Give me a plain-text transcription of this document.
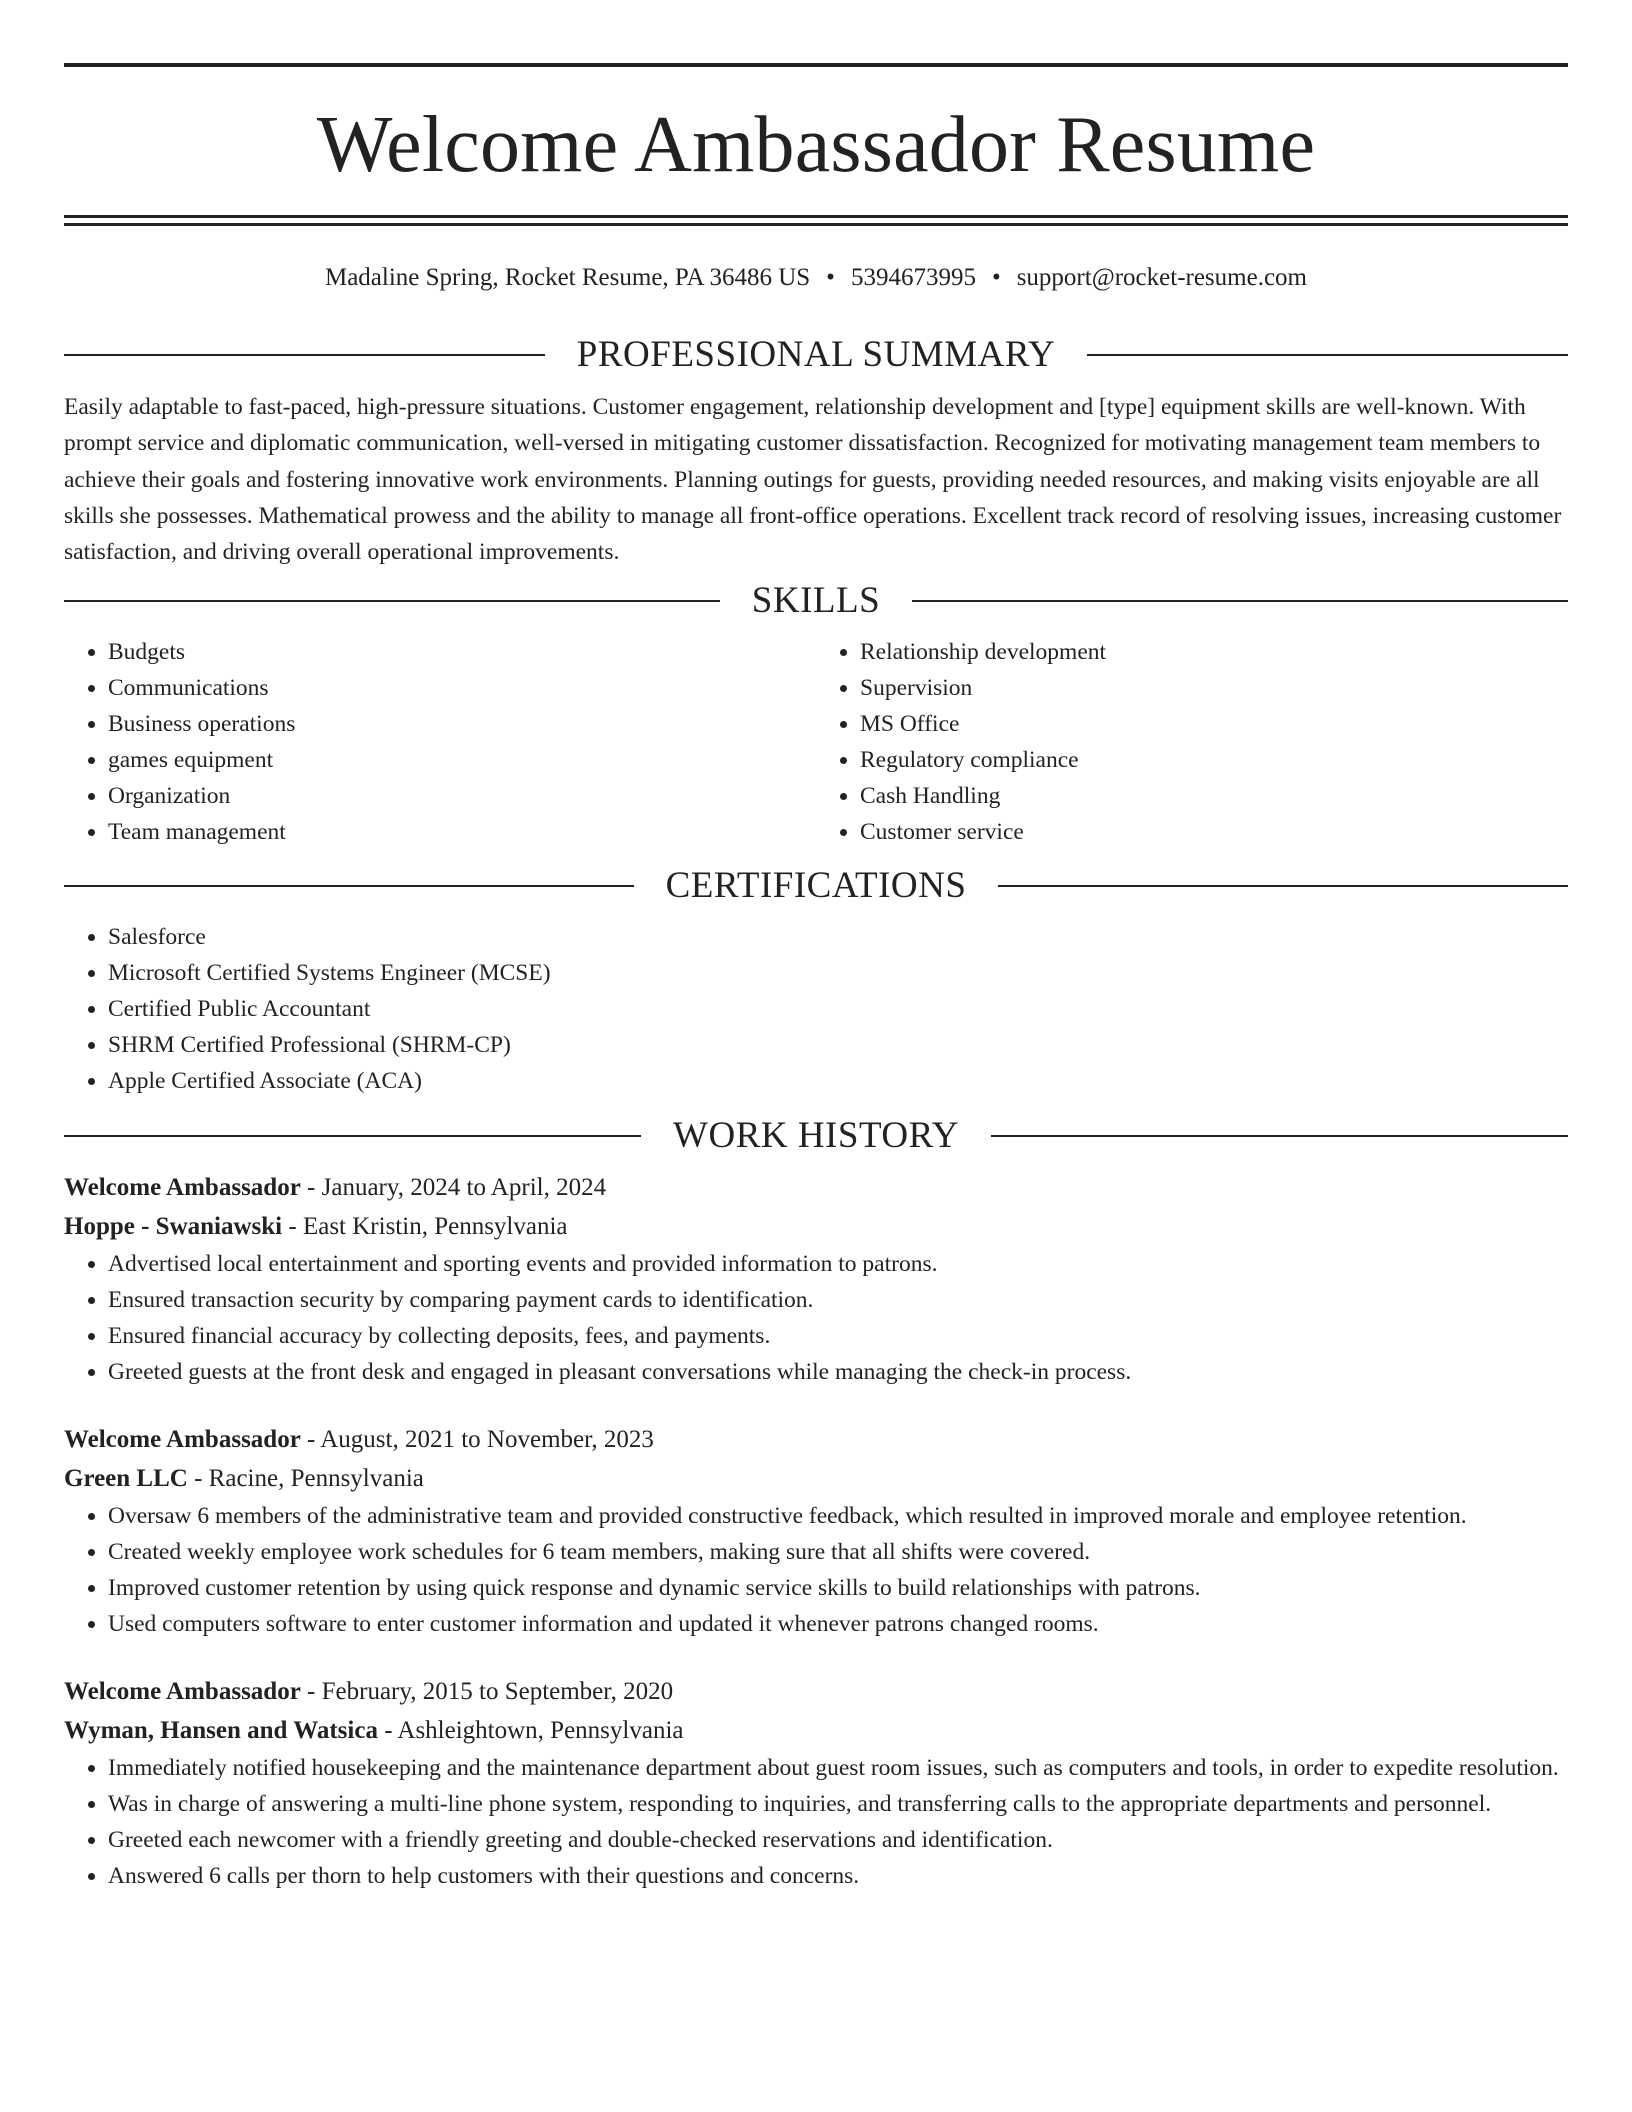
Welcome Ambassador Resume
Madaline Spring, Rocket Resume, PA 36486 US • 5394673995 • support@rocket-resume.com
PROFESSIONAL SUMMARY

Easily adaptable to fast-paced, high-pressure situations. Customer engagement, relationship development and [type] equipment skills are well-known. With prompt service and diplomatic communication, well-versed in mitigating customer dissatisfaction. Recognized for motivating management team members to achieve their goals and fostering innovative work environments. Planning outings for guests, providing needed resources, and making visits enjoyable are all skills she possesses. Mathematical prowess and the ability to manage all front-office operations. Excellent track record of resolving issues, increasing customer satisfaction, and driving overall operational improvements.

SKILLS
• Budgets
• Communications
• Business operations
• games equipment
• Organization
• Team management
• Relationship development
• Supervision
• MS Office
• Regulatory compliance
• Cash Handling
• Customer service
CERTIFICATIONS
• Salesforce
• Microsoft Certified Systems Engineer (MCSE)
• Certified Public Accountant
• SHRM Certified Professional (SHRM-CP)
• Apple Certified Associate (ACA)
WORK HISTORY
Welcome Ambassador - January, 2024 to April, 2024
Hoppe - Swaniawski - East Kristin, Pennsylvania
• Advertised local entertainment and sporting events and provided information to patrons.
• Ensured transaction security by comparing payment cards to identification.
• Ensured financial accuracy by collecting deposits, fees, and payments.
• Greeted guests at the front desk and engaged in pleasant conversations while managing the check-in process.
Welcome Ambassador - August, 2021 to November, 2023
Green LLC - Racine, Pennsylvania
• Oversaw 6 members of the administrative team and provided constructive feedback, which resulted in improved morale and employee retention.
• Created weekly employee work schedules for 6 team members, making sure that all shifts were covered.
• Improved customer retention by using quick response and dynamic service skills to build relationships with patrons.
• Used computers software to enter customer information and updated it whenever patrons changed rooms.
Welcome Ambassador - February, 2015 to September, 2020
Wyman, Hansen and Watsica - Ashleightown, Pennsylvania
• Immediately notified housekeeping and the maintenance department about guest room issues, such as computers and tools, in order to expedite resolution.
• Was in charge of answering a multi-line phone system, responding to inquiries, and transferring calls to the appropriate departments and personnel.
• Greeted each newcomer with a friendly greeting and double-checked reservations and identification.
• Answered 6 calls per thorn to help customers with their questions and concerns.
